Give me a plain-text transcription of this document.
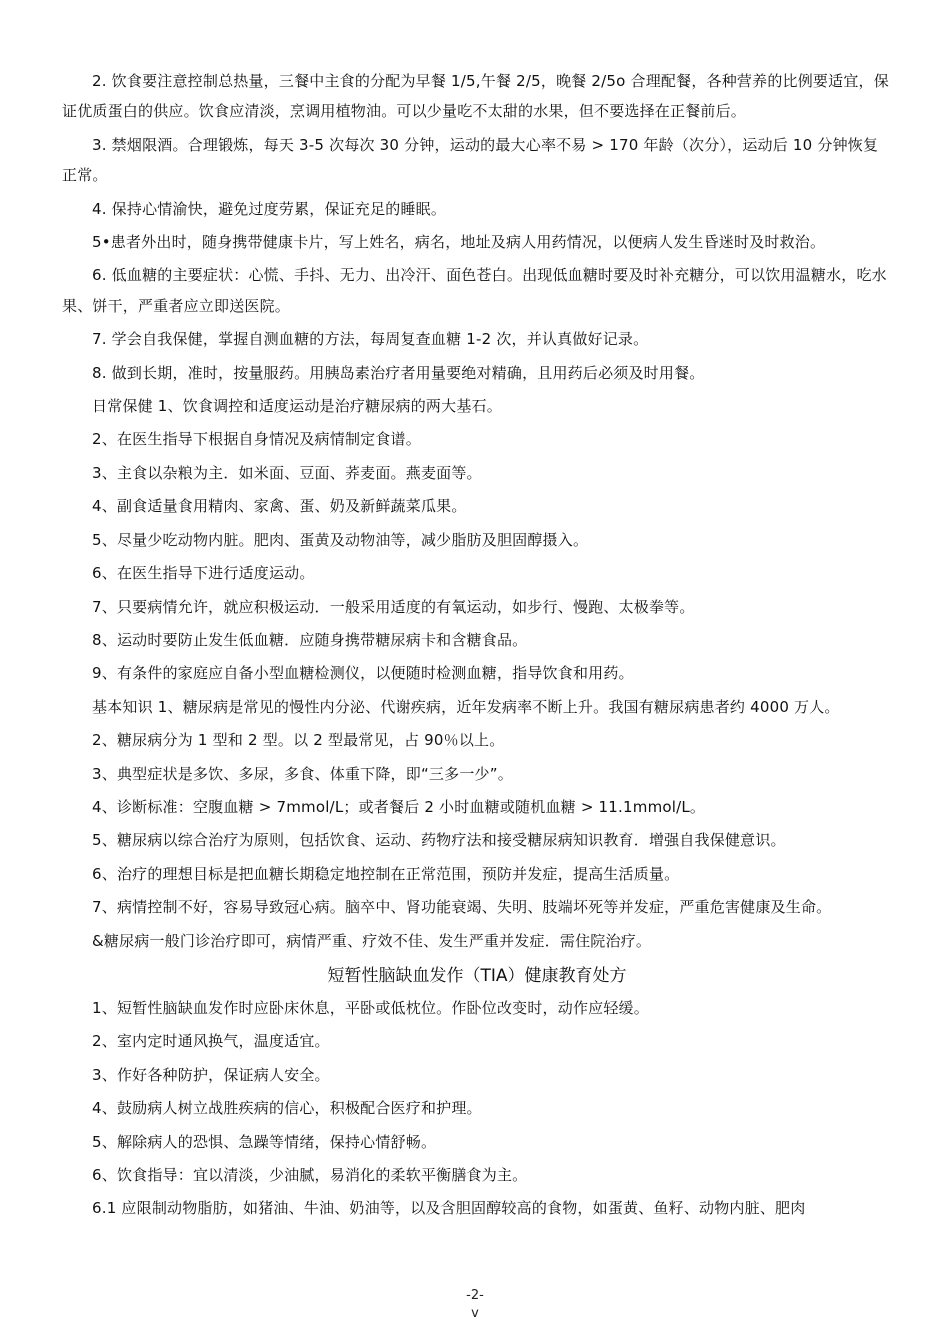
2. 饮食要注意控制总热量，三餐中主食的分配为早餐 1/5,午餐 2/5，晚餐 2/5o 合理配餐，各种营养的比例要适宜，保证优质蛋白的供应。饮食应清淡，烹调用植物油。可以少量吃不太甜的水果，但不要选择在正餐前后。
3. 禁烟限酒。合理锻炼，每天 3-5 次每次 30 分钟，运动的最大心率不易 > 170 年龄（次分），运动后 10 分钟恢复正常。
4. 保持心情渝快，避免过度劳累，保证充足的睡眠。
5•患者外出时，随身携带健康卡片，写上姓名，病名，地址及病人用药情况，以便病人发生昏迷时及时救治。
6. 低血糖的主要症状：心慌、手抖、无力、出冷汗、面色苍白。出现低血糖时要及时补充糖分，可以饮用温糖水，吃水果、饼干，严重者应立即送医院。
7. 学会自我保健，掌握自测血糖的方法，每周复查血糖 1-2 次，并认真做好记录。
8. 做到长期，准时，按量服药。用胰岛素治疗者用量要绝对精确，且用药后必须及时用餐。
日常保健 1、饮食调控和适度运动是治疗糖尿病的两大基石。
2、在医生指导下根据自身情况及病情制定食谱。
3、主食以杂粮为主．如米面、豆面、荞麦面。燕麦面等。
4、副食适量食用精肉、家禽、蛋、奶及新鲜蔬菜瓜果。
5、尽量少吃动物内脏。肥肉、蛋黄及动物油等，减少脂肪及胆固醇摄入。
6、在医生指导下进行适度运动。
7、只要病情允许，就应积极运动．一般采用适度的有氧运动，如步行、慢跑、太极拳等。
8、运动时要防止发生低血糖．应随身携带糖尿病卡和含糖食品。
9、有条件的家庭应自备小型血糖检测仪，以便随时检测血糖，指导饮食和用药。
基本知识 1、糖尿病是常见的慢性内分泌、代谢疾病，近年发病率不断上升。我国有糖尿病患者约 4000 万人。
2、糖尿病分为 1 型和 2 型。以 2 型最常见，占 90％以上。
3、典型症状是多饮、多尿，多食、体重下降，即“三多一少”。
4、诊断标准：空腹血糖 > 7mmol/L；或者餐后 2 小时血糖或随机血糖 > 11.1mmol/L。
5、糖尿病以综合治疗为原则，包括饮食、运动、药物疗法和接受糖尿病知识教育．增强自我保健意识。
6、治疗的理想目标是把血糖长期稳定地控制在正常范围，预防并发症，提高生活质量。
7、病情控制不好，容易导致冠心病。脑卒中、肾功能衰竭、失明、肢端坏死等并发症，严重危害健康及生命。
&糖尿病一般门诊治疗即可，病情严重、疗效不佳、发生严重并发症．需住院治疗。
短暂性脑缺血发作（TIA）健康教育处方
1、短暂性脑缺血发作时应卧床休息，平卧或低枕位。作卧位改变时，动作应轻缓。
2、室内定时通风换气，温度适宜。
3、作好各种防护，保证病人安全。
4、鼓励病人树立战胜疾病的信心，积极配合医疗和护理。
5、解除病人的恐惧、急躁等情绪，保持心情舒畅。
6、饮食指导：宜以清淡，少油腻，易消化的柔软平衡膳食为主。
6.1 应限制动物脂肪，如猪油、牛油、奶油等，以及含胆固醇较高的食物，如蛋黄、鱼籽、动物内脏、肥肉
-2-
v
